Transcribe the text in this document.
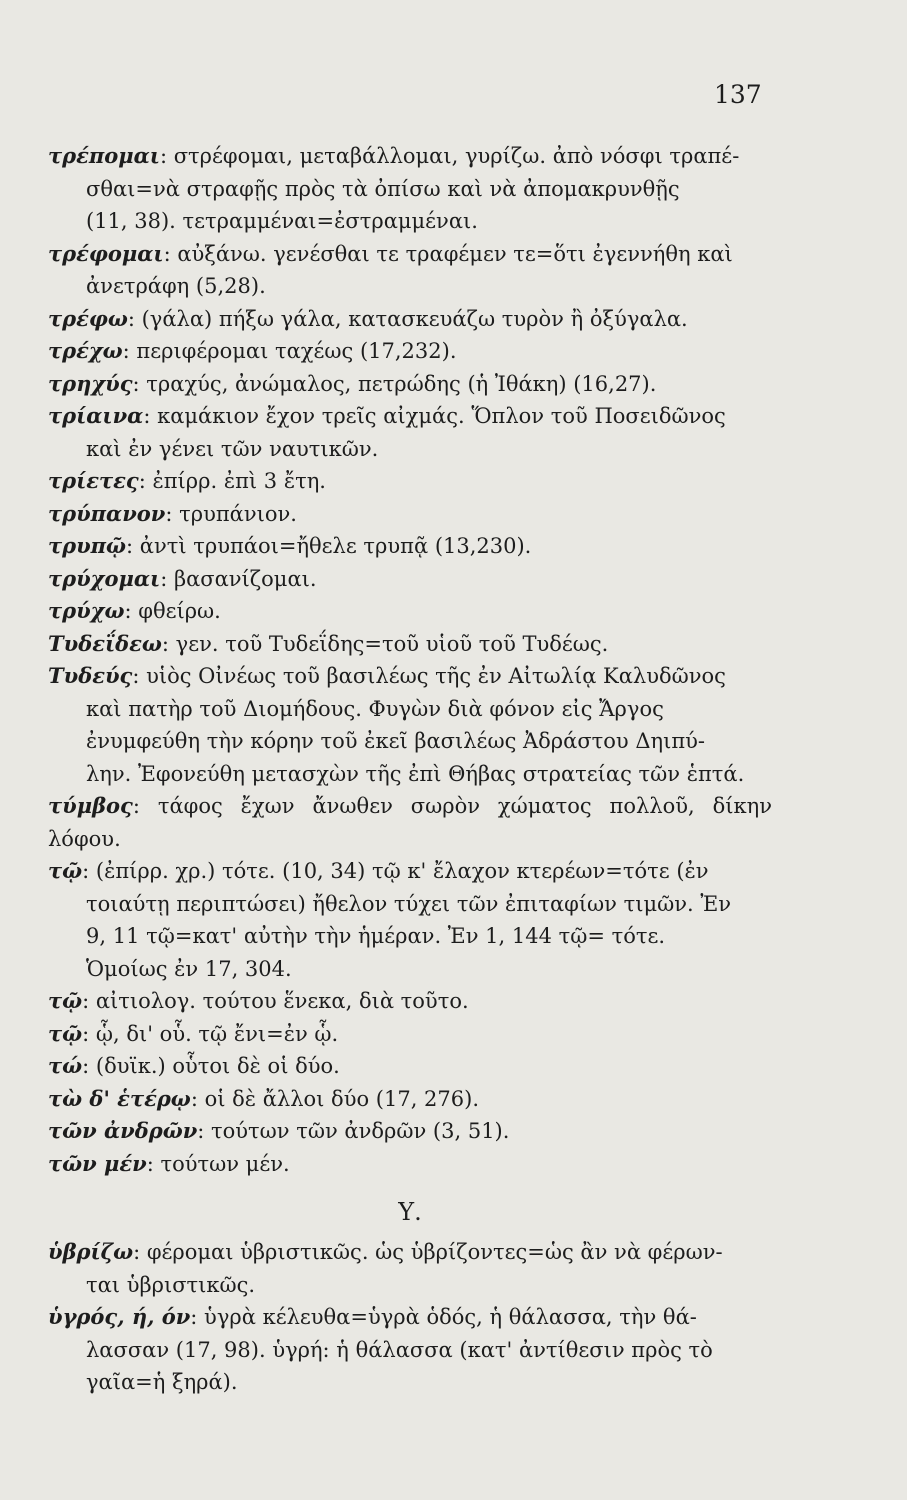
137
τρέπομαι: στρέφομαι, μεταβάλλομαι, γυρίζω. ἀπὸ νόσφι τραπέ-
σθαι=νὰ στραφῇς πρὸς τὰ ὀπίσω καὶ νὰ ἀπομακρυνθῇς
(11, 38). τετραμμέναι=ἐστραμμέναι.
τρέφομαι: αὐξάνω. γενέσθαι τε τραφέμεν τε=ὅτι ἐγεννήθη καὶ
ἀνετράφη (5,28).
τρέφω: (γάλα) πήξω γάλα, κατασκευάζω τυρὸν ἢ ὀξύγαλα.
τρέχω: περιφέρομαι ταχέως (17,232).
τρηχύς: τραχύς, ἀνώμαλος, πετρώδης (ἡ Ἰθάκη) (16,27).
τρίαινα: καμάκιον ἔχον τρεῖς αἰχμάς. Ὅπλον τοῦ Ποσειδῶνος
καὶ ἐν γένει τῶν ναυτικῶν.
τρίετες: ἐπίρρ. ἐπὶ 3 ἔτη.
τρύπανον: τρυπάνιον.
τρυπῷ: ἀντὶ τρυπάοι=ἤθελε τρυπᾷ (13,230).
τρύχομαι: βασανίζομαι.
τρύχω: φθείρω.
Τυδεΐδεω: γεν. τοῦ Τυδεΐδης=τοῦ υἱοῦ τοῦ Τυδέως.
Τυδεύς: υἱὸς Οἰνέως τοῦ βασιλέως τῆς ἐν Αἰτωλίᾳ Καλυδῶνος
καὶ πατὴρ τοῦ Διομήδους. Φυγὼν διὰ φόνον εἰς Ἄργος
ἐνυμφεύθη τὴν κόρην τοῦ ἐκεῖ βασιλέως Ἀδράστου Δηιπύ-
λην. Ἐφονεύθη μετασχὼν τῆς ἐπὶ Θήβας στρατείας τῶν ἑπτά.
τύμβος: τάφος ἔχων ἄνωθεν σωρὸν χώματος πολλοῦ, δίκην λόφου.
τῷ: (ἐπίρρ. χρ.) τότε. (10, 34) τῷ κ' ἔλαχον κτερέων=τότε (ἐν
τοιαύτῃ περιπτώσει) ἤθελον τύχει τῶν ἐπιταφίων τιμῶν. Ἐν
9, 11 τῷ=κατ' αὐτὴν τὴν ἡμέραν. Ἐν 1, 144 τῷ= τότε.
Ὁμοίως ἐν 17, 304.
τῷ: αἰτιολογ. τούτου ἕνεκα, διὰ τοῦτο.
τῷ: ᾧ, δι' οὗ. τῷ ἔνι=ἐν ᾧ.
τώ: (δυϊκ.) οὗτοι δὲ οἱ δύο.
τὼ δ' ἑτέρῳ: οἱ δὲ ἄλλοι δύο (17, 276).
τῶν ἀνδρῶν: τούτων τῶν ἀνδρῶν (3, 51).
τῶν μέν: τούτων μέν.
Υ.
ὑβρίζω: φέρομαι ὑβριστικῶς. ὡς ὑβρίζοντες=ὡς ἂν νὰ φέρων-
ται ὑβριστικῶς.
ὑγρός, ή, όν: ὑγρὰ κέλευθα=ὑγρὰ ὁδός, ἡ θάλασσα, τὴν θά-
λασσαν (17, 98). ὑγρή: ἡ θάλασσα (κατ' ἀντίθεσιν πρὸς τὸ
γαῖα=ἡ ξηρά).
